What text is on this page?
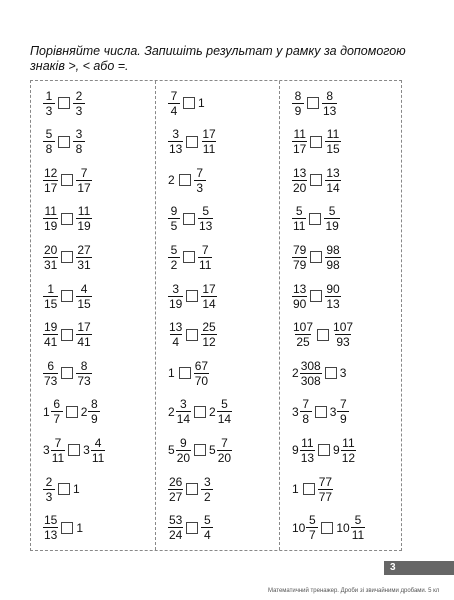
Порівняйте числа. Запишіть результат у рамку за допомогою знаків >, < або =.
$\frac{1}{3} \frac{2}{3}$
$\frac{5}{8} \frac{3}{8}$
$\frac{12}{17} \frac{7}{17}$
$\frac{11}{19} \frac{11}{19}$
$\frac{20}{31} \frac{27}{31}$
$\frac{1}{15} \frac{4}{15}$
$\frac{19}{41} \frac{17}{41}$
$\frac{6}{73} \frac{8}{73}$
$1 \frac{6}{7} 2 \frac{8}{9}$
$3 \frac{7}{11} 3 \frac{4}{11}$
$\frac{2}{3} 1$
$\frac{15}{13} 1$
$\frac{7}{4} 1$
$\frac{3}{13} \frac{17}{11}$
$2 \frac{7}{3}$
$\frac{9}{5} \frac{5}{13}$
$\frac{5}{2} \frac{7}{11}$
$\frac{3}{19} \frac{17}{14}$
$\frac{13}{4} \frac{25}{12}$
$1 \frac{67}{70}$
$2 \frac{3}{14} 2 \frac{5}{14}$
$5 \frac{9}{20} 5 \frac{7}{20}$
$\frac{26}{27} \frac{3}{2}$
$\frac{53}{24} \frac{5}{4}$
$\frac{8}{9} \frac{8}{13}$
$\frac{11}{17} \frac{11}{15}$
$\frac{13}{20} \frac{13}{14}$
$\frac{5}{11} \frac{5}{19}$
$\frac{79}{79} \frac{98}{98}$
$\frac{13}{90} \frac{90}{13}$
$\frac{107}{25} \frac{107}{93}$
$2 \frac{308}{308} 3$
$3 \frac{7}{8} 3 \frac{7}{9}$
$9 \frac{11}{13} 9 \frac{11}{12}$
$1 \frac{77}{77}$
$10 \frac{5}{7} 10 \frac{5}{11}$
3
Математичний тренажер. Дроби зі звичайними дробами. 5 кл
